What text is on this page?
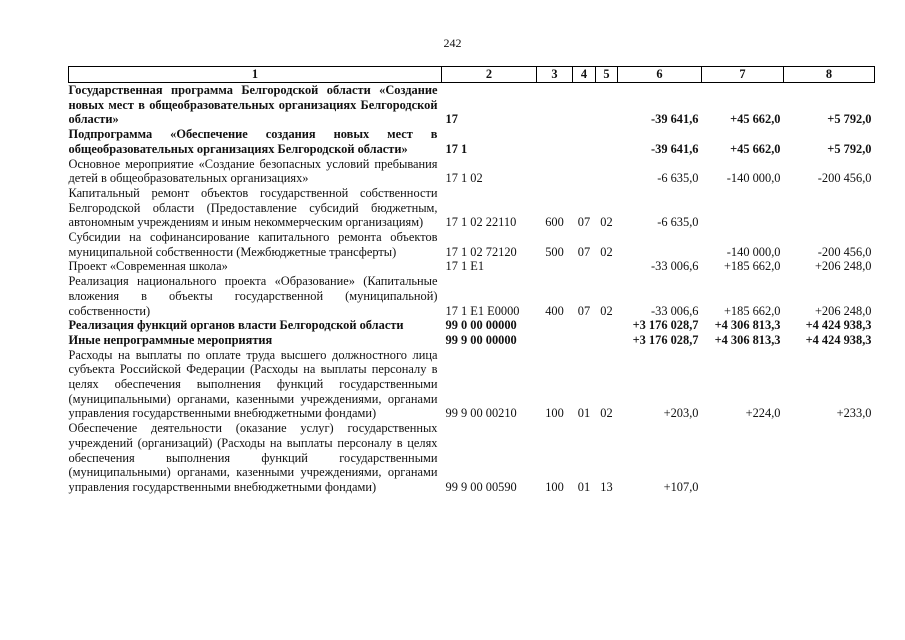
242
1	2	3	4	5	6	7	8

Государственная программа Белгородской области «Создание новых мест в общеобразовательных организациях Белгородской области»	17				-39 641,6	+45 662,0	+5 792,0

Подпрограмма «Обеспечение создания новых мест в общеобразовательных организациях Белгородской области»	17 1				-39 641,6	+45 662,0	+5 792,0

Основное мероприятие «Создание безопасных условий пребывания детей в общеобразовательных организациях»	17 1 02				-6 635,0	-140 000,0	-200 456,0

Капитальный ремонт объектов государственной собственности Белгородской области (Предоставление субсидий бюджетным, автономным учреждениям и иным некоммерческим организациям)	17 1 02 22110	600	07	02	-6 635,0		

Субсидии на софинансирование капитального ремонта объектов муниципальной собственности (Межбюджетные трансферты)	17 1 02 72120	500	07	02		-140 000,0	-200 456,0

Проект «Современная школа»	17 1 E1				-33 006,6	+185 662,0	+206 248,0

Реализация национального проекта «Образование» (Капитальные вложения в объекты государственной (муниципальной) собственности)	17 1 E1 E0000	400	07	02	-33 006,6	+185 662,0	+206 248,0

Реализация функций органов власти Белгородской области	99 0 00 00000				+3 176 028,7	+4 306 813,3	+4 424 938,3

Иные непрограммные мероприятия	99 9 00 00000				+3 176 028,7	+4 306 813,3	+4 424 938,3

Расходы на выплаты по оплате труда высшего должностного лица субъекта Российской Федерации (Расходы на выплаты персоналу в целях обеспечения выполнения функций государственными (муниципальными) органами, казенными учреждениями, органами управления государственными внебюджетными фондами)	99 9 00 00210	100	01	02	+203,0	+224,0	+233,0

Обеспечение деятельности (оказание услуг) государственных учреждений (организаций) (Расходы на выплаты персоналу в целях обеспечения выполнения функций государственными (муниципальными) органами, казенными учреждениями, органами управления государственными внебюджетными фондами)	99 9 00 00590	100	01	13	+107,0		
